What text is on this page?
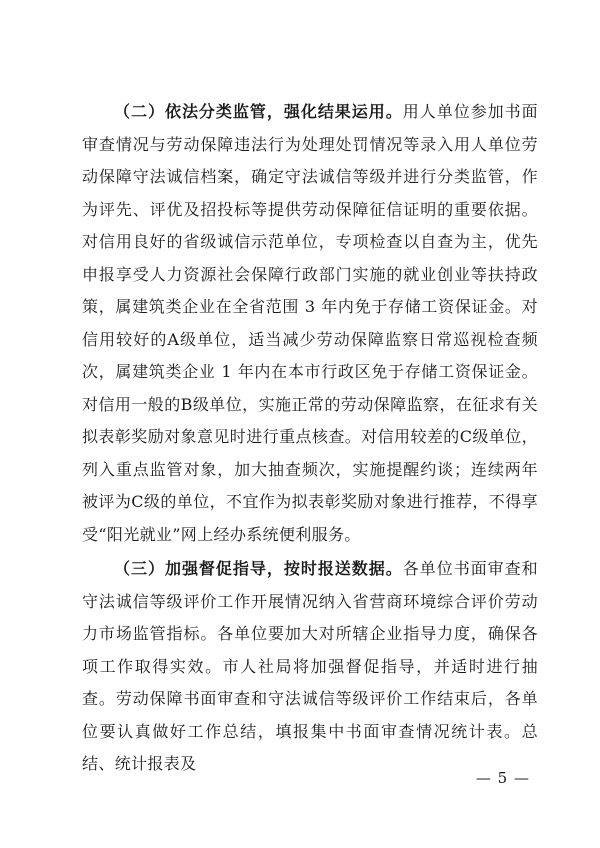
（二）依法分类监管，强化结果运用。用人单位参加书面审查情况与劳动保障违法行为处理处罚情况等录入用人单位劳动保障守法诚信档案，确定守法诚信等级并进行分类监管，作为评先、评优及招投标等提供劳动保障征信证明的重要依据。对信用良好的省级诚信示范单位，专项检查以自查为主，优先申报享受人力资源社会保障行政部门实施的就业创业等扶持政策，属建筑类企业在全省范围 3 年内免于存储工资保证金。对信用较好的A级单位，适当减少劳动保障监察日常巡视检查频次，属建筑类企业 1 年内在本市行政区免于存储工资保证金。对信用一般的B级单位，实施正常的劳动保障监察，在征求有关拟表彰奖励对象意见时进行重点核查。对信用较差的C级单位，列入重点监管对象，加大抽查频次，实施提醒约谈；连续两年被评为C级的单位，不宜作为拟表彰奖励对象进行推荐，不得享受“阳光就业”网上经办系统便利服务。

（三）加强督促指导，按时报送数据。各单位书面审查和守法诚信等级评价工作开展情况纳入省营商环境综合评价劳动力市场监管指标。各单位要加大对所辖企业指导力度，确保各项工作取得实效。市人社局将加强督促指导，并适时进行抽查。劳动保障书面审查和守法诚信等级评价工作结束后，各单位要认真做好工作总结，填报集中书面审查情况统计表。总结、统计报表及

— 5 —
